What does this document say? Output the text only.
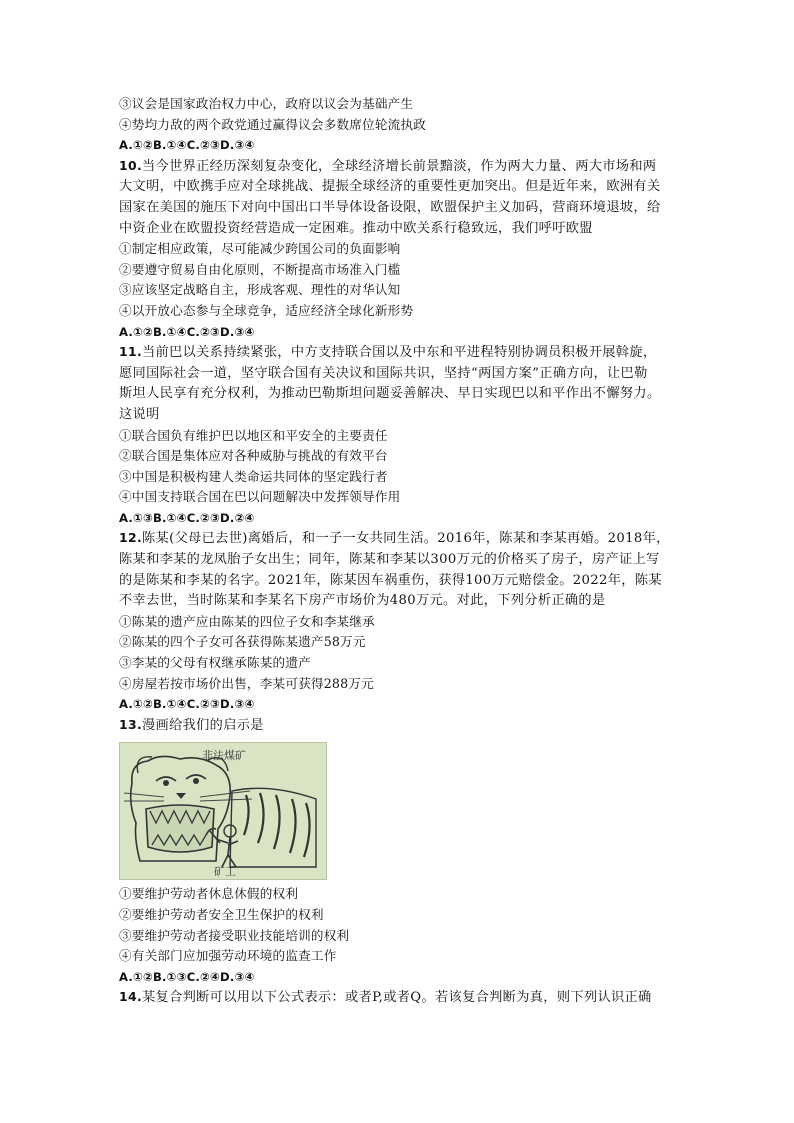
③议会是国家政治权力中心，政府以议会为基础产生
④势均力敌的两个政党通过赢得议会多数席位轮流执政
A.①②B.①④C.②③D.③④
10.当今世界正经历深刻复杂变化，全球经济增长前景黯淡，作为两大力量、两大市场和两
大文明，中欧携手应对全球挑战、提振全球经济的重要性更加突出。但是近年来，欧洲有关
国家在美国的施压下对向中国出口半导体设备设限，欧盟保护主义加码，营商环境退坡，给
中资企业在欧盟投资经营造成一定困难。推动中欧关系行稳致远，我们呼吁欧盟
①制定相应政策，尽可能减少跨国公司的负面影响
②要遵守贸易自由化原则，不断提高市场准入门槛
③应该坚定战略自主，形成客观、理性的对华认知
④以开放心态参与全球竞争，适应经济全球化新形势
A.①②B.①④C.②③D.③④
11.当前巴以关系持续紧张，中方支持联合国以及中东和平进程特别协调员积极开展斡旋，
愿同国际社会一道，坚守联合国有关决议和国际共识，坚持“两国方案”正确方向，让巴勒
斯坦人民享有充分权利，为推动巴勒斯坦问题妥善解决、早日实现巴以和平作出不懈努力。
这说明
①联合国负有维护巴以地区和平安全的主要责任
②联合国是集体应对各种威胁与挑战的有效平台
③中国是积极构建人类命运共同体的坚定践行者
④中国支持联合国在巴以问题解决中发挥领导作用
A.①③B.①④C.②③D.②④
12.陈某(父母已去世)离婚后，和一子一女共同生活。2016年，陈某和李某再婚。2018年，
陈某和李某的龙凤胎子女出生；同年，陈某和李某以300万元的价格买了房子，房产证上写
的是陈某和李某的名字。2021年，陈某因车祸重伤，获得100万元赔偿金。2022年，陈某
不幸去世，当时陈某和李某名下房产市场价为480万元。对此，下列分析正确的是
①陈某的遗产应由陈某的四位子女和李某继承
②陈某的四个子女可各获得陈某遗产58万元
③李某的父母有权继承陈某的遗产
④房屋若按市场价出售，李某可获得288万元
A.①②B.①④C.②③D.③④
13.漫画给我们的启示是
非法煤矿
矿工
①要维护劳动者休息休假的权利
②要维护劳动者安全卫生保护的权利
③要维护劳动者接受职业技能培训的权利
④有关部门应加强劳动环境的监查工作
A.①②B.①③C.②④D.③④
14.某复合判断可以用以下公式表示：或者P,或者Q。若该复合判断为真，则下列认识正确
